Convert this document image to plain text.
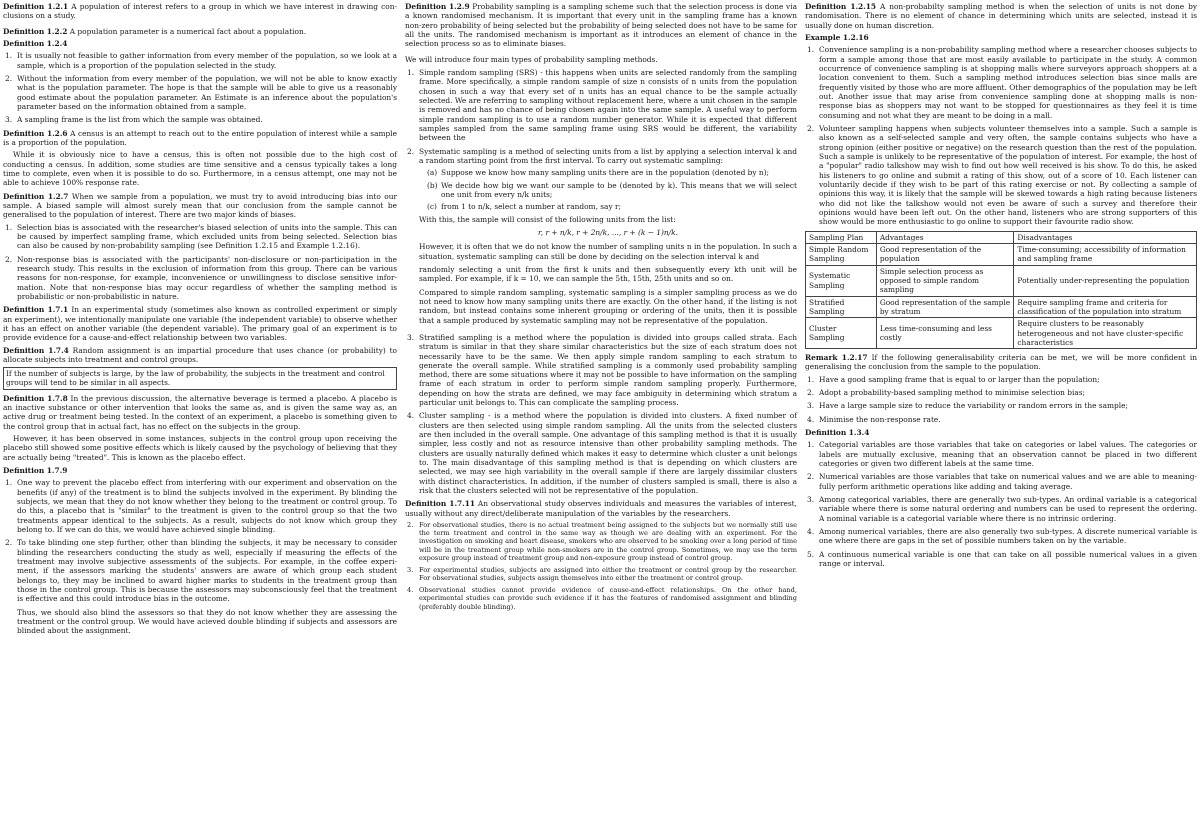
Definition 1.2.1 A population of interest refers to a group in which we have interest in drawing con- clusions on a study.

Definition 1.2.2 A population parameter is a numerical fact about a population.

Definition 1.2.4

1. It is usually not feasible to gather information from every member of the population, so we look at a sample, which is a proportion of the population selected in the study.
2. Without the information from every member of the population, we will not be able to know exactly what is the population parameter. The hope is that the sample will be able to give us a reasonably good estimate about the population parameter. An Estimate is an inference about the population's parameter based on the information obtained from a sample.
3. A sampling frame is the list from which the sample was obtained.

Definition 1.2.6 A census is an attempt to reach out to the entire population of interest while a sample is a proportion of the population.

While it is obviously nice to have a census, this is often not possible due to the high cost of conducting a census. In addition, some studies are time sensitive and a census typically takes a long time to complete, even when it is possible to do so. Furthermore, in a census attempt, one may not be able to achieve 100% response rate.

Definition 1.2.7 When we sample from a population, we must try to avoid introducing bias into our sample. A biased sample will almost surely mean that our conclusion from the sample cannot be generalised to the population of interest. There are two major kinds of biases.

1. Selection bias is associated with the researcher's biased selection of units into the sample. This can be caused by imperfect sampling frame, which excluded units from being selected. Selection bias can also be caused by non-probability sampling (see Definition 1.2.15 and Example 1.2.16).
2. Non-response bias is associated with the participants' non-disclosure or non-participation in the research study. This results in the exclusion of information from this group. There can be various reasons for non-response, for example, inconvenience or unwillingness to disclose sensitive infor- mation. Note that non-response bias may occur regardless of whether the sampling method is probabilistic or non-probabilistic in nature.

Definition 1.7.1 In an experimental study (sometimes also known as controlled experiment or simply an experiment), we intentionally manipulate one variable (the independent variable) to observe whether it has an effect on another variable (the dependent variable). The primary goal of an experiment is to provide evidence for a cause-and-effect relationship between two variables.

Definition 1.7.4 Random assignment is an impartial procedure that uses chance (or probability) to allocate subjects into treatment and control groups.

If the number of subjects is large, by the law of probability, the subjects in the treatment and control groups will tend to be similar in all aspects.

Definition 1.7.8 In the previous discussion, the alternative beverage is termed a placebo. A placebo is an inactive substance or other intervention that looks the same as, and is given the same way as, an active drug or treatment being tested. In the context of an experiment, a placebo is something given to the control group that in actual fact, has no effect on the subjects in the group.

However, it has been observed in some instances, subjects in the control group upon receiving the placebo still showed some positive effects which is likely caused by the psychology of believing that they are actually being "treated". This is known as the placebo effect.

Definition 1.7.9

1. One way to prevent the placebo effect from interfering with our experiment and observation on the benefits (if any) of the treatment is to blind the subjects involved in the experiment. By blinding the subjects, we mean that they do not know whether they belong to the treatment or control group. To do this, a placebo that is "similar" to the treatment is given to the control group so that the two treatments appear identical to the subjects. As a result, subjects do not know which group they belong to. If we can do this, we would have achieved single blinding.
2. To take blinding one step further, other than blinding the subjects, it may be necessary to consider blinding the researchers conducting the study as well, especially if measuring the effects of the treatment may involve subjective assessments of the subjects. For example, in the coffee experi- ment, if the assessors marking the students' answers are aware of which group each student belongs to, they may be inclined to award higher marks to students in the treatment group than those in the control group. This is because the assessors may subconsciously feel that the treatment is effective and this could introduce bias in the outcome.

Thus, we should also blind the assessors so that they do not know whether they are assessing the treatment or the control group. We would have acieved double blinding if subjects and assessors are blinded about the assignment.

Definition 1.2.9 Probability sampling is a sampling scheme such that the selection process is done via a known randomised mechanism. It is important that every unit in the sampling frame has a known non-zero probability of being selected but the probability of being selected does not have to be same for all the units. The randomised mechanism is important as it introduces an element of chance in the selection process so as to eliminate biases.

We will introduce four main types of probability sampling methods.

1. Simple random sampling (SRS) - this happens when units are selected randomly from the sampling frame. More specifically, a simple random sample of size n consists of n units from the population chosen in such a way that every set of n units has an equal chance to be the sample actually selected. We are referring to sampling without replacement here, where a unit chosen in the sample is removed and has no chance of being chosen again into the same sample. A useful way to perform simple random sampling is to use a random number generator. While it is expected that different samples sampled from the same sampling frame using SRS would be different, the variability between the
2. Systematic sampling is a method of selecting units from a list by applying a selection interval k and a random starting point from the first interval. To carry out systematic sampling:
(a) Suppose we know how many sampling units there are in the population (denoted by n);
(b) We decide how big we want our sample to be (denoted by k). This means that we will select one unit from every n/k units;
(c) from 1 to n/k, select a number at random, say r;
With this, the sample will consist of the following units from the list:
r, r + n/k, r + 2n/k, ..., r + (k − 1)n/k.

However, it is often that we do not know the number of sampling units n in the population. In such a situation, systematic sampling can still be done by deciding on the selection interval k and

randomly selecting a unit from the first k units and then subsequently every kth unit will be sampled. For example, if k = 10, we can sample the 5th, 15th, 25th units and so on.

Compared to simple random sampling, systematic sampling is a simpler sampling process as we do not need to know how many sampling units there are exactly. On the other hand, if the listing is not random, but instead contains some inherent grouping or ordering of the units, then it is possible that a sample produced by systematic sampling may not be representative of the population.

3. Stratified sampling is a method where the population is divided into groups called strata. Each stratum is similar in that they share similar characteristics but the size of each stratum does not necessarily have to be the same. We then apply simple random sampling to each stratum to generate the overall sample. While stratified sampling is a commonly used probability sampling method, there are some situations where it may not be possible to have information on the sampling frame of each stratum in order to perform simple random sampling properly. Furthermore, depending on how the strata are defined, we may face ambiguity in determining which stratum a particular unit belongs to. This can complicate the sampling process.
4. Cluster sampling - is a method where the population is divided into clusters. A fixed number of clusters are then selected using simple random sampling. All the units from the selected clusters are then included in the overall sample. One advantage of this sampling method is that it is usually simpler, less costly and not as resource intensive than other probability sampling methods. The clusters are usually naturally defined which makes it easy to determine which cluster a unit belongs to. The main disadvantage of this sampling method is that is depending on which clusters are selected, we may see high variability in the overall sample if there are largely dissimilar clusters with distinct characteristics. In addition, if the number of clusters sampled is small, there is also a risk that the clusters selected will not be representative of the population.

Definition 1.7.11 An observational study observes individuals and measures the variables of interest, usually without any direct/deliberate manipulation of the variables by the researchers.

2. For observational studies, there is no actual treatment being assigned to the subjects but we normally still use the term treatment and control in the same way as though we are dealing with an experiment. For the investigation on smoking and heart disease, smokers who are observed to be smoking over a long period of time will be in the treatment group while non-smokers are in the control group. Sometimes, we may use the term exposure group instead of treatment group and non-exposure group instead of control group.
3. For experimental studies, subjects are assigned into either the treatment or control group by the researcher. For observational studies, subjects assign themselves into either the treatment or control group.
4. Observational studies cannot provide evidence of cause-and-effect relationships. On the other hand, experimental studies can provide such evidence if it has the features of randomised assignment and blinding (preferably double blinding).

Definition 1.2.15 A non-probabilty sampling method is when the selection of units is not done by randomisation. There is no element of chance in determining which units are selected, instead it is usually done on human discretion.

Example 1.2.16

1. Convenience sampling is a non-probability sampling method where a researcher chooses subjects to form a sample among those that are most easily available to participate in the study. A common occurrence of convenience sampling is at shopping malls where surveyors approach shoppers at a location convenient to them. Such a sampling method introduces selection bias since malls are frequently visited by those who are more affluent. Other demographics of the population may be left out. Another issue that may arise from convenience sampling done at shopping malls is non-response bias as shoppers may not want to be stopped for questionnaires as they feel it is time consuming and not what they are meant to be doing in a mall.
2. Volunteer sampling happens when subjects volunteer themselves into a sample. Such a sample is also known as a self-selected sample and very often, the sample contains subjects who have a strong opinion (either positive or negative) on the research question than the rest of the population. Such a sample is unlikely to be representative of the population of interest. For example, the host of a "popular" radio talkshow may wish to find out how well received is his show. To do this, he asked his listeners to go online and submit a rating of this show, out of a score of 10. Each listener can voluntarily decide if they wish to be part of this rating exercise or not. By collecting a sample of opinions this way, it is likely that the sample will be skewed towards a high rating because listeners who did not like the talkshow would not even be aware of such a survey and therefore their opinions would have been left out. On the other hand, listeners who are strong supporters of this show would be more enthusiastic to go online to support their favourite radio show.
Sampling Plan	Advantages	Disadvantages
Simple Random Sampling	Good representation of the population	Time-consuming; accessibility of information and sampling frame
Systematic Sampling	Simple selection process as opposed to simple random sampling	Potentially under-representing the population
Stratified Sampling	Good representation of the sample by stratum	Require sampling frame and criteria for classification of the population into stratum
Cluster Sampling	Less time-consuming and less costly	Require clusters to be reasonably heterogeneous and not have cluster-specific characteristics

Remark 1.2.17 If the following generalisability criteria can be met, we will be more confident in generalising the conclusion from the sample to the population.

1. Have a good sampling frame that is equal to or larger than the population;
2. Adopt a probability-based sampling method to minimise selection bias;
3. Have a large sample size to reduce the variability or random errors in the sample;
4. Minimise the non-response rate.

Definition 1.3.4

1. Categorial variables are those variables that take on categories or label values. The categories or labels are mutually exclusive, meaning that an observation cannot be placed in two different categories or given two different labels at the same time.
2. Numerical variables are those variables that take on numerical values and we are able to meaning- fully perform arithmetic operations like adding and taking average.
3. Among categorical variables, there are generally two sub-types. An ordinal variable is a categorical variable where there is some natural ordering and numbers can be used to represent the ordering. A nominal variable is a categorial variable where there is no intrinsic ordering.
4. Among numerical variables, there are also generally two sub-types. A discrete numerical variable is one where there are gaps in the set of possible numbers taken on by the variable.
5. A continuous numerical variable is one that can take on all possible numerical values in a given range or interval.
